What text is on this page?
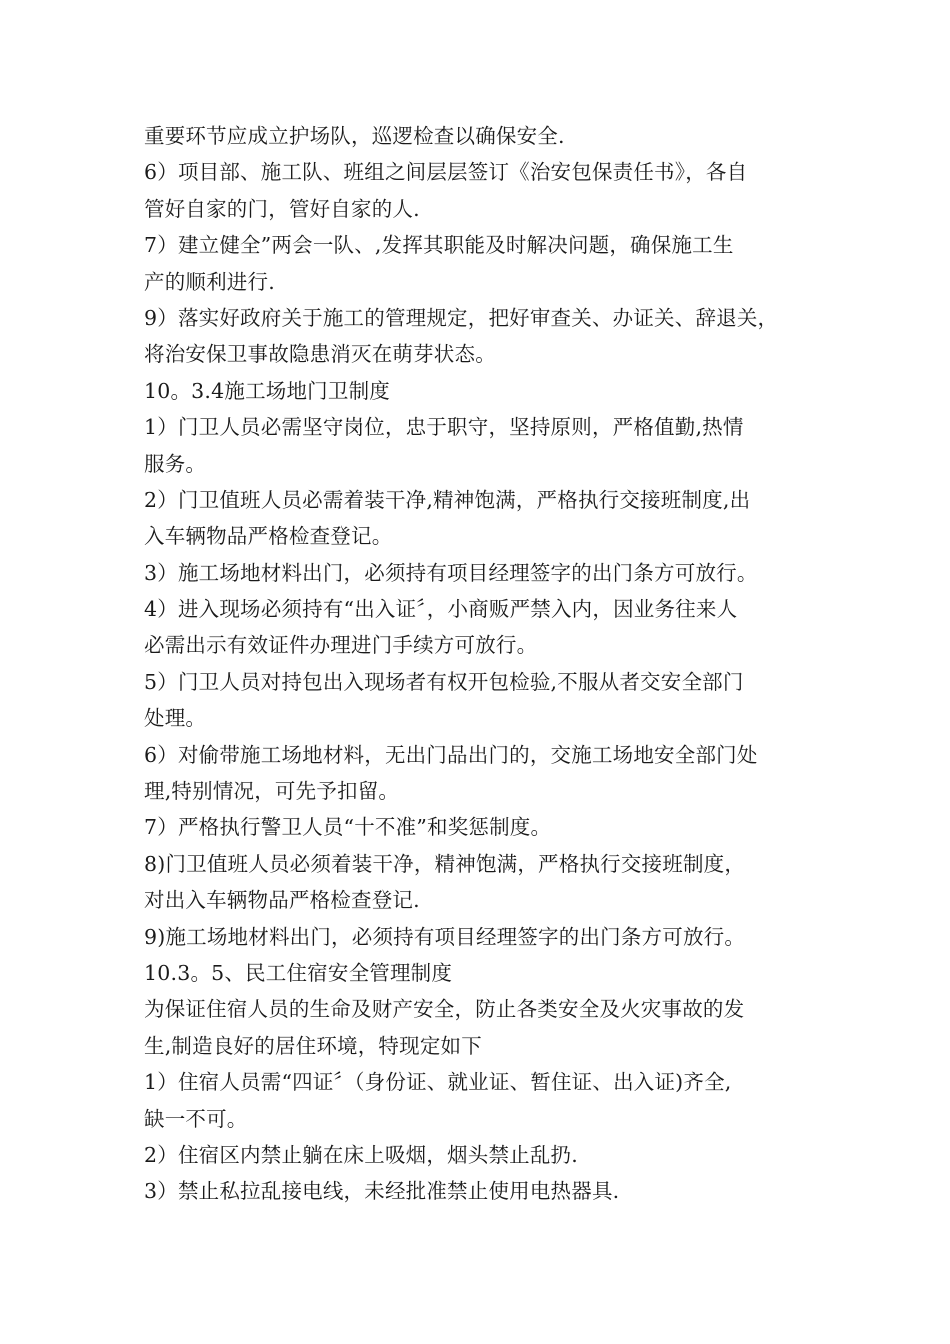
重要环节应成立护场队，巡逻检查以确保安全.
6）项目部、施工队、班组之间层层签订《治安包保责任书》，各自
管好自家的门，管好自家的人.
7）建立健全”两会一队、,发挥其职能及时解决问题，确保施工生
产的顺利进行.
9）落实好政府关于施工的管理规定，把好审查关、办证关、辞退关，
将治安保卫事故隐患消灭在萌芽状态。
10。3.4施工场地门卫制度
1）门卫人员必需坚守岗位，忠于职守，坚持原则，严格值勤,热情
服务。
2）门卫值班人员必需着装干净,精神饱满，严格执行交接班制度,出
入车辆物品严格检查登记。
3）施工场地材料出门，必须持有项目经理签字的出门条方可放行。
4）进入现场必须持有“出入证〞，小商贩严禁入内，因业务往来人
必需出示有效证件办理进门手续方可放行。
5）门卫人员对持包出入现场者有权开包检验,不服从者交安全部门
处理。
6）对偷带施工场地材料，无出门品出门的，交施工场地安全部门处
理,特别情况，可先予扣留。
7）严格执行警卫人员“十不准”和奖惩制度。
8)门卫值班人员必须着装干净，精神饱满，严格执行交接班制度，
对出入车辆物品严格检查登记.
9)施工场地材料出门，必须持有项目经理签字的出门条方可放行。
10.3。5、民工住宿安全管理制度
为保证住宿人员的生命及财产安全，防止各类安全及火灾事故的发
生,制造良好的居住环境，特现定如下
1）住宿人员需“四证〞（身份证、就业证、暂住证、出入证)齐全,
缺一不可。
2）住宿区内禁止躺在床上吸烟，烟头禁止乱扔.
3）禁止私拉乱接电线，未经批准禁止使用电热器具.
